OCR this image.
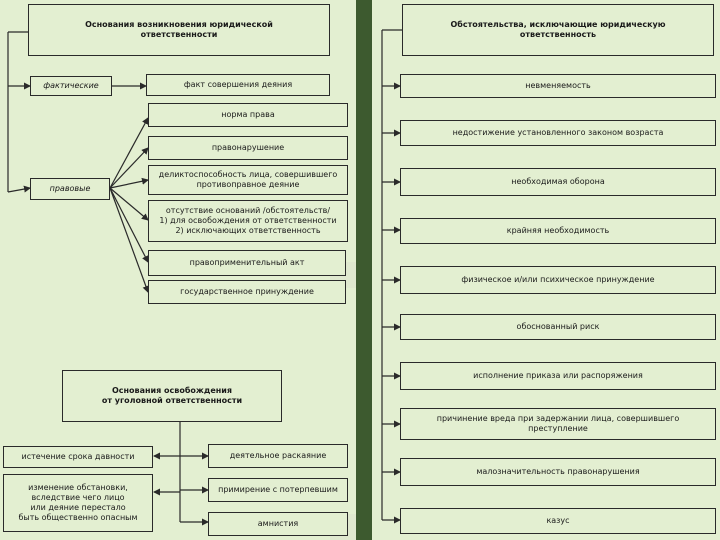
Основания возникновения юридической
ответственности
фактические
правовые
факт совершения деяния
норма права
правонарушение
деликтоспособность лица, совершившего
противоправное деяние
отсутствие оснований /обстоятельств/
1) для освобождения от ответственности
2) исключающих ответственность
правоприменительный акт
государственное принуждение
Основания освобождения
от уголовной ответственности
истечение срока давности
изменение обстановки,
вследствие чего лицо
или деяние перестало
быть общественно опасным
деятельное раскаяние
примирение с потерпевшим
амнистия
Обстоятельства, исключающие юридическую
ответственность
невменяемость
недостижение установленного законом возраста
необходимая оборона
крайняя необходимость
физическое и/или психическое принуждение
обоснованный риск
исполнение приказа или распоряжения
причинение вреда при задержании лица, совершившего
преступление
малозначительность правонарушения
казус
